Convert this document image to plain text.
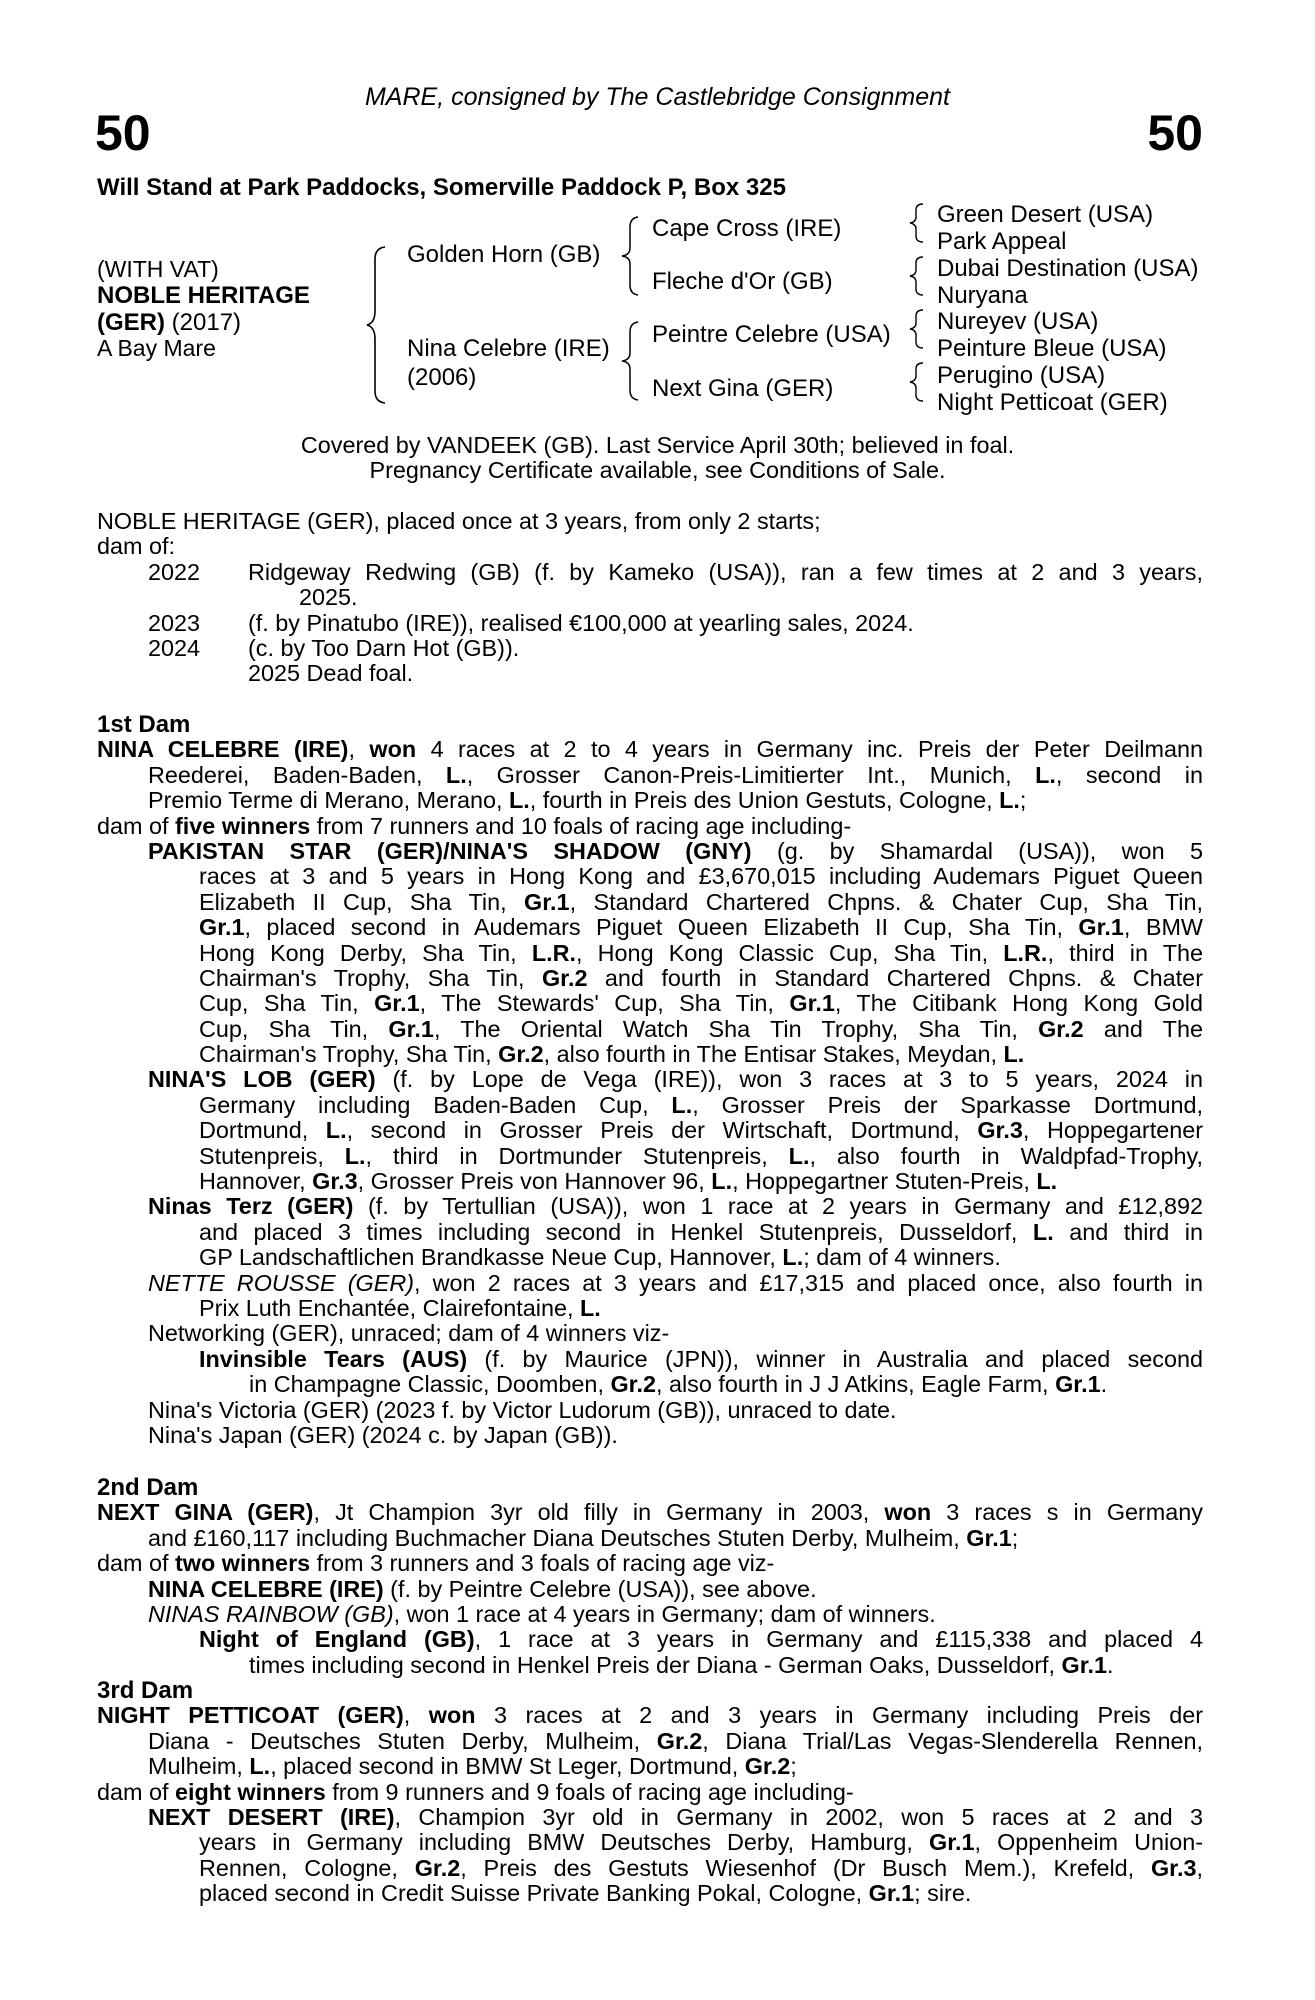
MARE, consigned by The Castlebridge Consignment
50	50
Will Stand at Park Paddocks, Somerville Paddock P, Box 325
(WITH VAT)
NOBLE HERITAGE
(GER) (2017)
A Bay Mare
Golden Horn (GB)
Nina Celebre (IRE)
(2006)
Cape Cross (IRE)
Fleche d'Or (GB)
Peintre Celebre (USA)
Next Gina (GER)
Green Desert (USA)
Park Appeal
Dubai Destination (USA)
Nuryana
Nureyev (USA)
Peinture Bleue (USA)
Perugino (USA)
Night Petticoat (GER)
Covered by VANDEEK (GB). Last Service April 30th; believed in foal.
Pregnancy Certificate available, see Conditions of Sale.
NOBLE HERITAGE (GER), placed once at 3 years, from only 2 starts;
dam of:
2022 Ridgeway Redwing (GB) (f. by Kameko (USA)), ran a few times at 2 and 3 years,
2025.
2023 (f. by Pinatubo (IRE)), realised €100,000 at yearling sales, 2024.
2024 (c. by Too Darn Hot (GB)).
2025 Dead foal.
1st Dam
NINA CELEBRE (IRE), won 4 races at 2 to 4 years in Germany inc. Preis der Peter Deilmann
Reederei, Baden-Baden, L., Grosser Canon-Preis-Limitierter Int., Munich, L., second in
Premio Terme di Merano, Merano, L., fourth in Preis des Union Gestuts, Cologne, L.;
dam of five winners from 7 runners and 10 foals of racing age including-
PAKISTAN STAR (GER)/NINA'S SHADOW (GNY) (g. by Shamardal (USA)), won 5
races at 3 and 5 years in Hong Kong and £3,670,015 including Audemars Piguet Queen
Elizabeth II Cup, Sha Tin, Gr.1, Standard Chartered Chpns. & Chater Cup, Sha Tin,
Gr.1, placed second in Audemars Piguet Queen Elizabeth II Cup, Sha Tin, Gr.1, BMW
Hong Kong Derby, Sha Tin, L.R., Hong Kong Classic Cup, Sha Tin, L.R., third in The
Chairman's Trophy, Sha Tin, Gr.2 and fourth in Standard Chartered Chpns. & Chater
Cup, Sha Tin, Gr.1, The Stewards' Cup, Sha Tin, Gr.1, The Citibank Hong Kong Gold
Cup, Sha Tin, Gr.1, The Oriental Watch Sha Tin Trophy, Sha Tin, Gr.2 and The
Chairman's Trophy, Sha Tin, Gr.2, also fourth in The Entisar Stakes, Meydan, L.
NINA'S LOB (GER) (f. by Lope de Vega (IRE)), won 3 races at 3 to 5 years, 2024 in
Germany including Baden-Baden Cup, L., Grosser Preis der Sparkasse Dortmund,
Dortmund, L., second in Grosser Preis der Wirtschaft, Dortmund, Gr.3, Hoppegartener
Stutenpreis, L., third in Dortmunder Stutenpreis, L., also fourth in Waldpfad-Trophy,
Hannover, Gr.3, Grosser Preis von Hannover 96, L., Hoppegartner Stuten-Preis, L.
Ninas Terz (GER) (f. by Tertullian (USA)), won 1 race at 2 years in Germany and £12,892
and placed 3 times including second in Henkel Stutenpreis, Dusseldorf, L. and third in
GP Landschaftlichen Brandkasse Neue Cup, Hannover, L.; dam of 4 winners.
NETTE ROUSSE (GER), won 2 races at 3 years and £17,315 and placed once, also fourth in
Prix Luth Enchantée, Clairefontaine, L.
Networking (GER), unraced; dam of 4 winners viz-
Invinsible Tears (AUS) (f. by Maurice (JPN)), winner in Australia and placed second
in Champagne Classic, Doomben, Gr.2, also fourth in J J Atkins, Eagle Farm, Gr.1.
Nina's Victoria (GER) (2023 f. by Victor Ludorum (GB)), unraced to date.
Nina's Japan (GER) (2024 c. by Japan (GB)).
2nd Dam
NEXT GINA (GER), Jt Champion 3yr old filly in Germany in 2003, won 3 races s in Germany
and £160,117 including Buchmacher Diana Deutsches Stuten Derby, Mulheim, Gr.1;
dam of two winners from 3 runners and 3 foals of racing age viz-
NINA CELEBRE (IRE) (f. by Peintre Celebre (USA)), see above.
NINAS RAINBOW (GB), won 1 race at 4 years in Germany; dam of winners.
Night of England (GB), 1 race at 3 years in Germany and £115,338 and placed 4
times including second in Henkel Preis der Diana - German Oaks, Dusseldorf, Gr.1.
3rd Dam
NIGHT PETTICOAT (GER), won 3 races at 2 and 3 years in Germany including Preis der
Diana - Deutsches Stuten Derby, Mulheim, Gr.2, Diana Trial/Las Vegas-Slenderella Rennen,
Mulheim, L., placed second in BMW St Leger, Dortmund, Gr.2;
dam of eight winners from 9 runners and 9 foals of racing age including-
NEXT DESERT (IRE), Champion 3yr old in Germany in 2002, won 5 races at 2 and 3
years in Germany including BMW Deutsches Derby, Hamburg, Gr.1, Oppenheim Union-
Rennen, Cologne, Gr.2, Preis des Gestuts Wiesenhof (Dr Busch Mem.), Krefeld, Gr.3,
placed second in Credit Suisse Private Banking Pokal, Cologne, Gr.1; sire.
